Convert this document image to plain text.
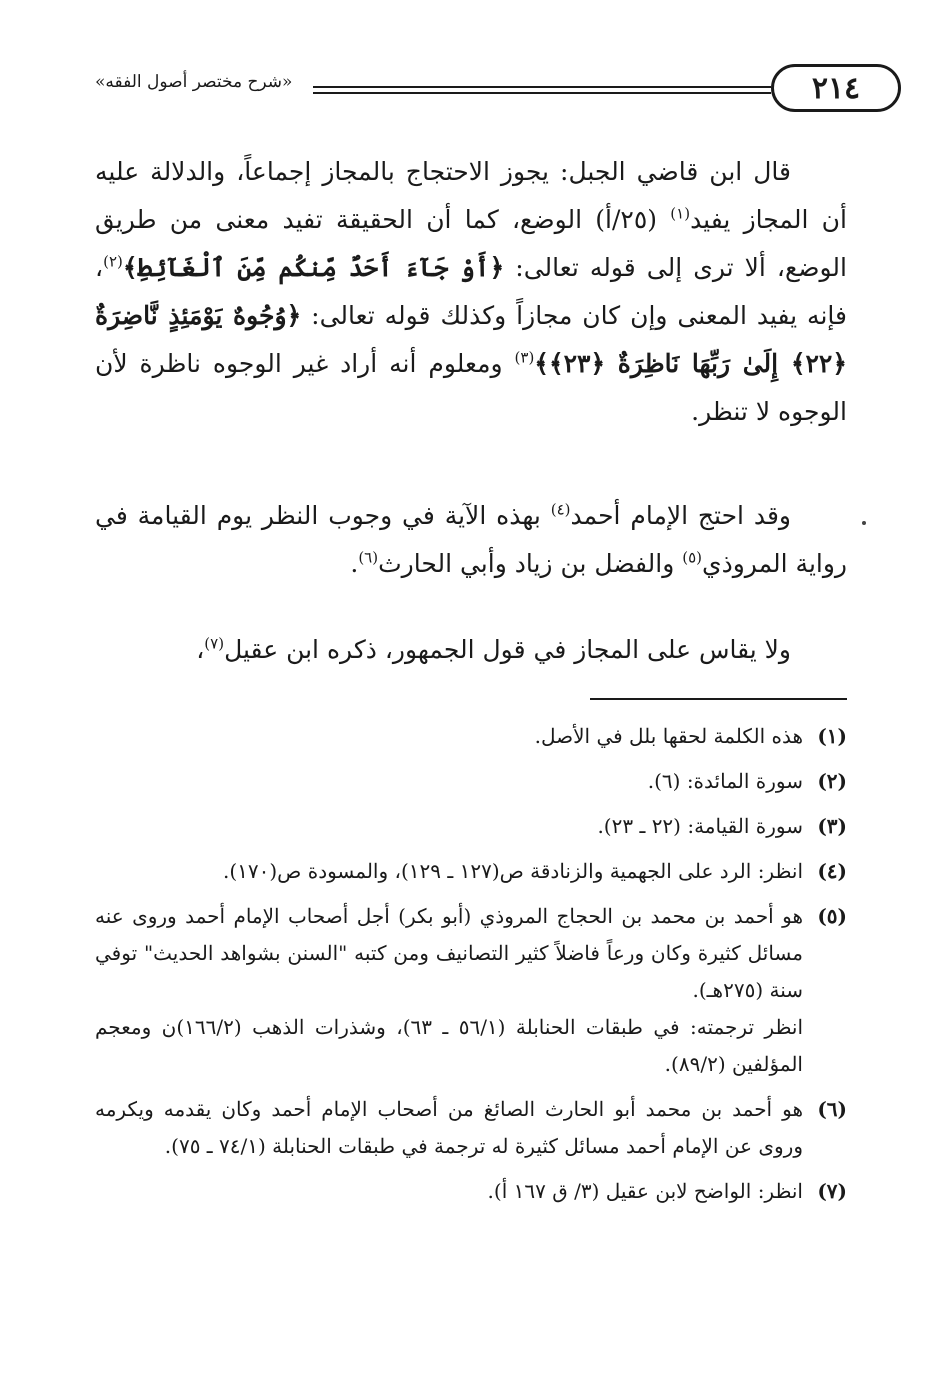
٢١٤
«شرح مختصر أصول الفقه»

قال ابن قاضي الجبل: يجوز الاحتجاج بالمجاز إجماعاً، والدلالة عليه أن المجاز يفيد$^{(١)}$ (٢٥/أ) الوضع، كما أن الحقيقة تفيد معنى من طريق الوضع، ألا ترى إلى قوله تعالى: ﴿أَوْ جَآءَ أَحَدٌ مِّنكُم مِّنَ ٱلْغَآئِطِ﴾$^{(٢)}$، فإنه يفيد المعنى وإن كان مجازاً وكذلك قوله تعالى: ﴿وُجُوهٌ يَوْمَئِذٍ نَّاضِرَةٌ ﴿٢٢﴾ إِلَىٰ رَبِّهَا نَاظِرَةٌ ﴿٢٣﴾﴾$^{(٣)}$ ومعلوم أنه أراد غير الوجوه ناظرة لأن الوجوه لا تنظر.

وقد احتج الإمام أحمد$^{(٤)}$ بهذه الآية في وجوب النظر يوم القيامة في رواية المروذي$^{(٥)}$ والفضل بن زياد وأبي الحارث$^{(٦)}$.

ولا يقاس على المجاز في قول الجمهور، ذكره ابن عقيل$^{(٧)}$،

(١)
هذه الكلمة لحقها بلل في الأصل.
(٢)
سورة المائدة: (٦).
(٣)
سورة القيامة: (٢٢ ـ ٢٣).
(٤)
انظر: الرد على الجهمية والزنادقة ص(١٢٧ ـ ١٢٩)، والمسودة ص(١٧٠).
(٥)
هو أحمد بن محمد بن الحجاج المروذي (أبو بكر) أجل أصحاب الإمام أحمد وروى عنه مسائل كثيرة وكان ورعاً فاضلاً كثير التصانيف ومن كتبه "السنن بشواهد الحديث" توفي سنة (٢٧٥هـ).
انظر ترجمته: في طبقات الحنابلة (٥٦/١ ـ ٦٣)، وشذرات الذهب (١٦٦/٢)ن ومعجم المؤلفين (٨٩/٢).
(٦)
هو أحمد بن محمد أبو الحارث الصائغ من أصحاب الإمام أحمد وكان يقدمه ويكرمه وروى عن الإمام أحمد مسائل كثيرة له ترجمة في طبقات الحنابلة (٧٤/١ ـ ٧٥).
(٧)
انظر: الواضح لابن عقيل (٣/ ق ١٦٧ أ).
